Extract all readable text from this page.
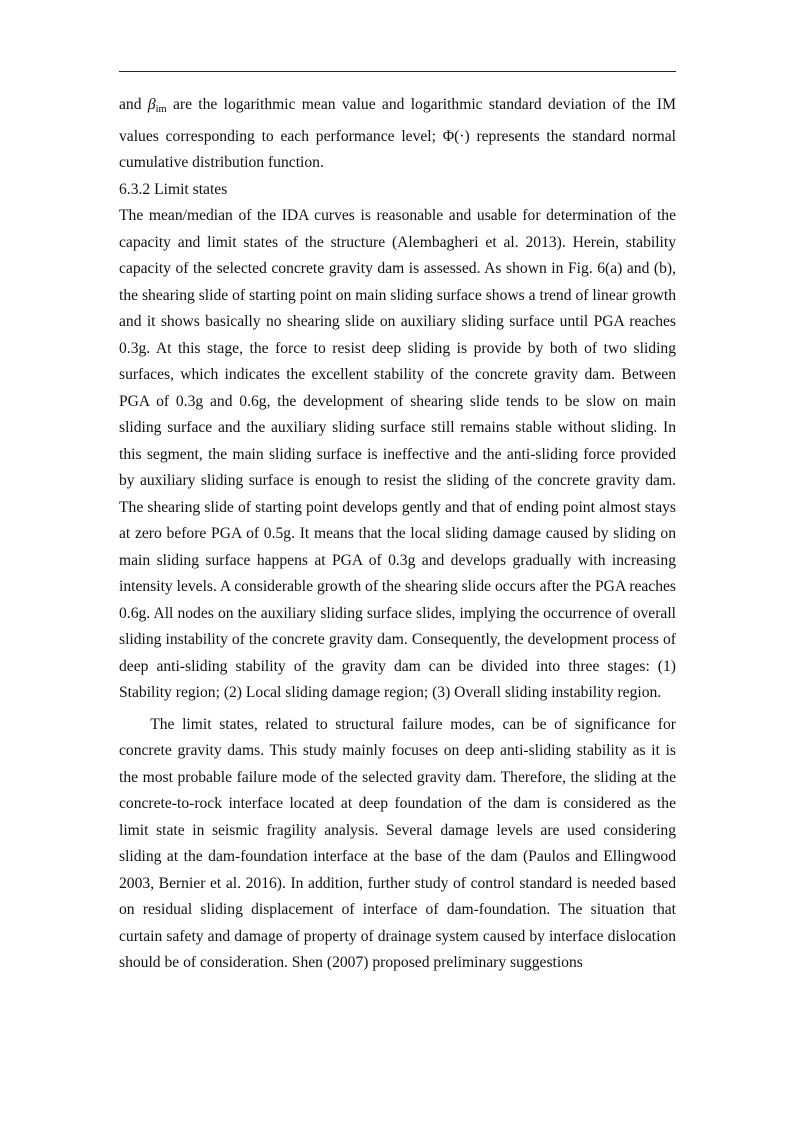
and $\beta_{im}$ are the logarithmic mean value and logarithmic standard deviation of the IM values corresponding to each performance level; Φ(·) represents the standard normal cumulative distribution function.

6.3.2 Limit states

The mean/median of the IDA curves is reasonable and usable for determination of the capacity and limit states of the structure (Alembagheri et al. 2013). Herein, stability capacity of the selected concrete gravity dam is assessed. As shown in Fig. 6(a) and (b), the shearing slide of starting point on main sliding surface shows a trend of linear growth and it shows basically no shearing slide on auxiliary sliding surface until PGA reaches 0.3g. At this stage, the force to resist deep sliding is provide by both of two sliding surfaces, which indicates the excellent stability of the concrete gravity dam. Between PGA of 0.3g and 0.6g, the development of shearing slide tends to be slow on main sliding surface and the auxiliary sliding surface still remains stable without sliding. In this segment, the main sliding surface is ineffective and the anti-sliding force provided by auxiliary sliding surface is enough to resist the sliding of the concrete gravity dam. The shearing slide of starting point develops gently and that of ending point almost stays at zero before PGA of 0.5g. It means that the local sliding damage caused by sliding on main sliding surface happens at PGA of 0.3g and develops gradually with increasing intensity levels. A considerable growth of the shearing slide occurs after the PGA reaches 0.6g. All nodes on the auxiliary sliding surface slides, implying the occurrence of overall sliding instability of the concrete gravity dam. Consequently, the development process of deep anti-sliding stability of the gravity dam can be divided into three stages: (1) Stability region; (2) Local sliding damage region; (3) Overall sliding instability region.

The limit states, related to structural failure modes, can be of significance for concrete gravity dams. This study mainly focuses on deep anti-sliding stability as it is the most probable failure mode of the selected gravity dam. Therefore, the sliding at the concrete-to-rock interface located at deep foundation of the dam is considered as the limit state in seismic fragility analysis. Several damage levels are used considering sliding at the dam-foundation interface at the base of the dam (Paulos and Ellingwood 2003, Bernier et al. 2016). In addition, further study of control standard is needed based on residual sliding displacement of interface of dam-foundation. The situation that curtain safety and damage of property of drainage system caused by interface dislocation should be of consideration. Shen (2007) proposed preliminary suggestions
